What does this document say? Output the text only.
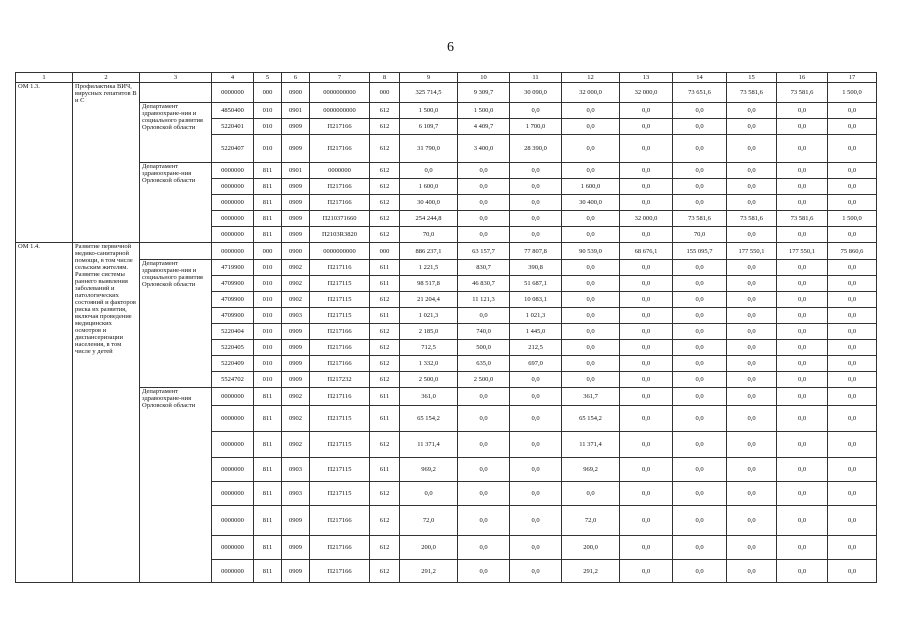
6
1	2	3	4	5	6	7	8	9	10	11	12	13	14	15	16	17
ОМ 1.3.	Профилактика ВИЧ, вирусных гепатитов В и С		0000000	000	0900	0000000000	000	325 714,5	9 309,7	30 090,0	32 000,0	32 000,0	73 651,6	73 581,6	73 581,6	1 500,0
		Департамент здравоохране-ния и социального развития Орловской области	4850400	010	0901	0000000000	612	1 500,0	1 500,0	0,0	0,0	0,0	0,0	0,0	0,0	0,0
			5220401	010	0909	П217166	612	6 109,7	4 409,7	1 700,0	0,0	0,0	0,0	0,0	0,0	0,0
			5220407	010	0909	П217166	612	31 790,0	3 400,0	28 390,0	0,0	0,0	0,0	0,0	0,0	0,0
		Департамент здравоохране-ния Орловской области	0000000	811	0901	0000000	612	0,0	0,0	0,0	0,0	0,0	0,0	0,0	0,0	0,0
			0000000	811	0909	П217166	612	1 600,0	0,0	0,0	1 600,0	0,0	0,0	0,0	0,0	0,0
			0000000	811	0909	П217166	612	30 400,0	0,0	0,0	30 400,0	0,0	0,0	0,0	0,0	0,0
			0000000	811	0909	П210371660	612	254 244,8	0,0	0,0	0,0	32 000,0	73 581,6	73 581,6	73 581,6	1 500,0
			0000000	811	0909	П2103R3820	612	70,0	0,0	0,0	0,0	0,0	70,0	0,0	0,0	0,0
ОМ 1.4.	Развитие первичной медико-санитарной помощи, в том числе сельским жителям. Развитие системы раннего выявления заболеваний и патологических состояний и факторов риска их развития, включая проведение медицинских осмотров и диспансеризации населения, в том числе у детей		0000000	000	0900	0000000000	000	886 237,1	63 157,7	77 807,8	90 539,0	68 676,1	155 095,7	177 550,1	177 550,1	75 860,6
		Департамент здравоохране-ния и социального развития Орловской области	4719900	010	0902	П217116	611	1 221,5	830,7	390,8	0,0	0,0	0,0	0,0	0,0	0,0
			4709900	010	0902	П217115	611	98 517,8	46 830,7	51 687,1	0,0	0,0	0,0	0,0	0,0	0,0
			4709900	010	0902	П217115	612	21 204,4	11 121,3	10 083,1	0,0	0,0	0,0	0,0	0,0	0,0
			4709900	010	0903	П217115	611	1 021,3	0,0	1 021,3	0,0	0,0	0,0	0,0	0,0	0,0
			5220404	010	0909	П217166	612	2 185,0	740,0	1 445,0	0,0	0,0	0,0	0,0	0,0	0,0
			5220405	010	0909	П217166	612	712,5	500,0	212,5	0,0	0,0	0,0	0,0	0,0	0,0
			5220409	010	0909	П217166	612	1 332,0	635,0	697,0	0,0	0,0	0,0	0,0	0,0	0,0
			5524702	010	0909	П217232	612	2 500,0	2 500,0	0,0	0,0	0,0	0,0	0,0	0,0	0,0
		Департамент здравоохране-ния Орловской области	0000000	811	0902	П217116	611	361,0	0,0	0,0	361,7	0,0	0,0	0,0	0,0	0,0
			0000000	811	0902	П217115	611	65 154,2	0,0	0,0	65 154,2	0,0	0,0	0,0	0,0	0,0
			0000000	811	0902	П217115	612	11 371,4	0,0	0,0	11 371,4	0,0	0,0	0,0	0,0	0,0
			0000000	811	0903	П217115	611	969,2	0,0	0,0	969,2	0,0	0,0	0,0	0,0	0,0
			0000000	811	0903	П217115	612	0,0	0,0	0,0	0,0	0,0	0,0	0,0	0,0	0,0
			0000000	811	0909	П217166	612	72,0	0,0	0,0	72,0	0,0	0,0	0,0	0,0	0,0
			0000000	811	0909	П217166	612	200,0	0,0	0,0	200,0	0,0	0,0	0,0	0,0	0,0
			0000000	811	0909	П217166	612	291,2	0,0	0,0	291,2	0,0	0,0	0,0	0,0	0,0
